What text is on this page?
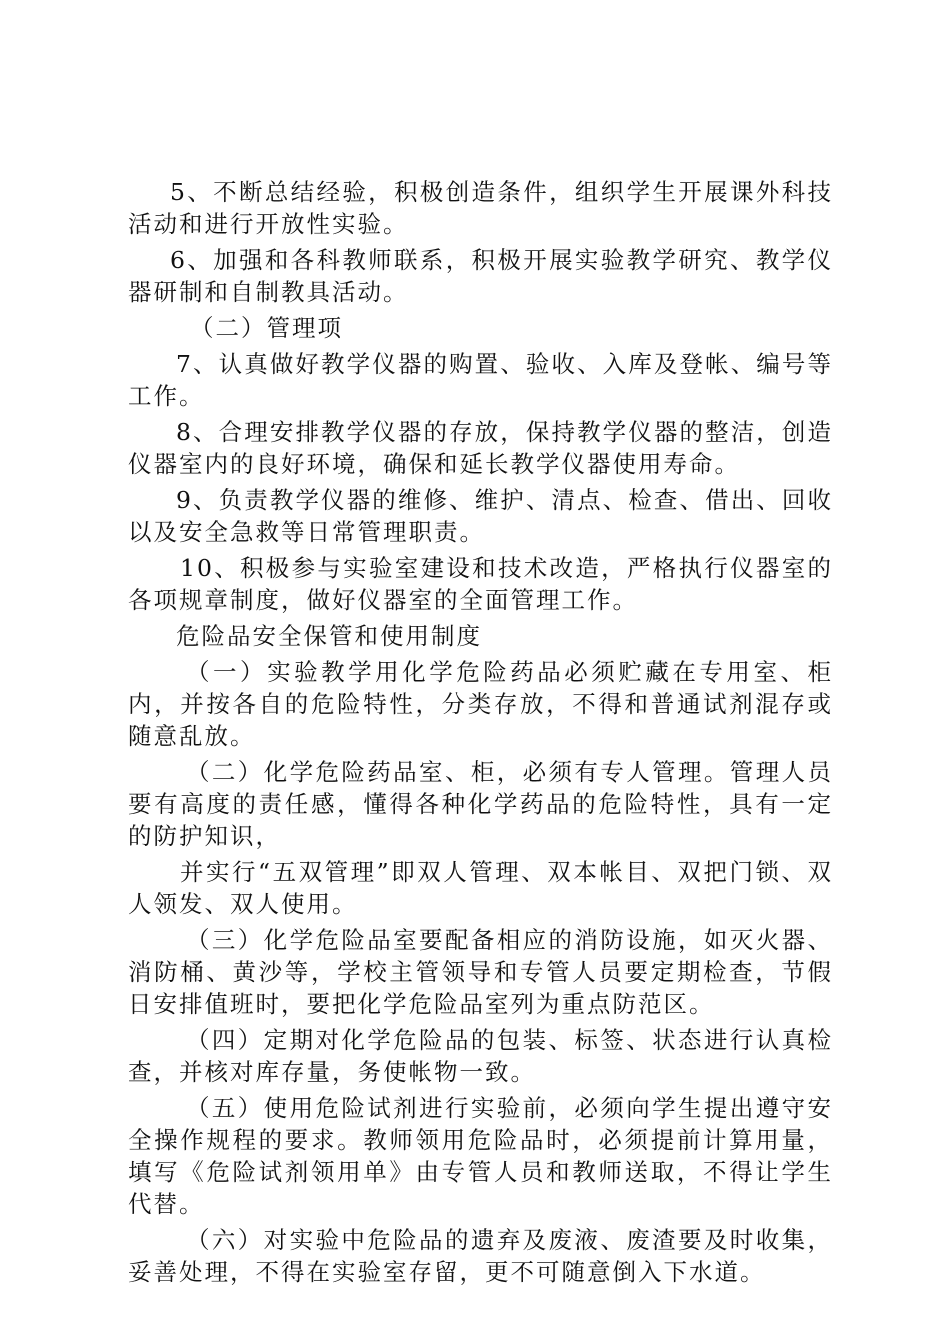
5、不断总结经验，积极创造条件，组织学生开展课外科技活动和进行开放性实验。

6、加强和各科教师联系，积极开展实验教学研究、教学仪器研制和自制教具活动。

（二）管理项

7、认真做好教学仪器的购置、验收、入库及登帐、编号等工作。

8、合理安排教学仪器的存放，保持教学仪器的整洁，创造仪器室内的良好环境，确保和延长教学仪器使用寿命。

9、负责教学仪器的维修、维护、清点、检查、借出、回收以及安全急救等日常管理职责。

10、积极参与实验室建设和技术改造，严格执行仪器室的各项规章制度，做好仪器室的全面管理工作。

危险品安全保管和使用制度

（一）实验教学用化学危险药品必须贮藏在专用室、柜内，并按各自的危险特性，分类存放，不得和普通试剂混存或随意乱放。

（二）化学危险药品室、柜，必须有专人管理。管理人员要有高度的责任感，懂得各种化学药品的危险特性，具有一定的防护知识，

并实行“五双管理”即双人管理、双本帐目、双把门锁、双人领发、双人使用。

（三）化学危险品室要配备相应的消防设施，如灭火器、消防桶、黄沙等，学校主管领导和专管人员要定期检查，节假日安排值班时，要把化学危险品室列为重点防范区。

（四）定期对化学危险品的包装、标签、状态进行认真检查，并核对库存量，务使帐物一致。

（五）使用危险试剂进行实验前，必须向学生提出遵守安全操作规程的要求。教师领用危险品时，必须提前计算用量，填写《危险试剂领用单》由专管人员和教师送取，不得让学生代替。

（六）对实验中危险品的遗弃及废液、废渣要及时收集，妥善处理，不得在实验室存留，更不可随意倒入下水道。
